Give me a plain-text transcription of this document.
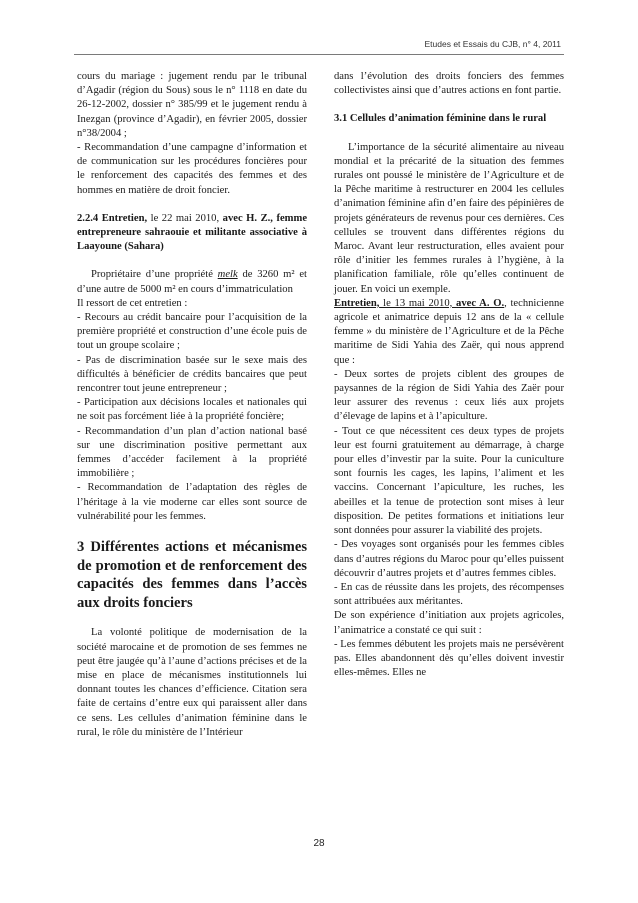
Etudes et Essais du CJB, n° 4, 2011

cours du mariage : jugement rendu par le tribunal d’Agadir (région du Sous) sous le n° 1118 en date du 26-12-2002, dossier n° 385/99 et le jugement rendu à Inezgan (province d’Agadir), en février 2005, dossier n°38/2004 ;

- Recommandation d’une campagne d’information et de communication sur les procédures foncières pour le renforcement des capacités des femmes et des hommes en matière de droit foncier.

2.2.4 Entretien, le 22 mai 2010, avec H. Z., femme entrepreneure sahraouie et militante associative à Laayoune (Sahara)

Propriétaire d’une propriété melk de 3260 m² et d’une autre de 5000 m² en cours d’immatriculation

Il ressort de cet entretien :

- Recours au crédit bancaire pour l’acquisition de la première propriété et construction d’une école puis de tout un groupe scolaire ;

- Pas de discrimination basée sur le sexe mais des difficultés à bénéficier de crédits bancaires que peut rencontrer tout jeune entrepreneur ;

- Participation aux décisions locales et nationales qui ne soit pas forcément liée à la propriété foncière;

- Recommandation d’un plan d’action national basé sur une discrimination positive permettant aux femmes d’accéder facilement à la propriété immobilière ;

- Recommandation de l’adaptation des règles de l’héritage à la vie moderne car elles sont source de vulnérabilité pour les femmes.

3 Différentes actions et mécanismes de promotion et de renforcement des capacités des femmes dans l’accès aux droits fonciers

La volonté politique de modernisation de la société marocaine et de promotion de ses femmes ne peut être jaugée qu’à l’aune d’actions précises et de la mise en place de mécanismes institutionnels lui donnant toutes les chances d’efficience. Citation sera faite de certains d’entre eux qui paraissent aller dans ce sens. Les cellules d’animation féminine dans le rural, le rôle du ministère de l’Intérieur

dans l’évolution des droits fonciers des femmes collectivistes ainsi que d’autres actions en font partie.

3.1 Cellules d’animation féminine dans le rural

L’importance de la sécurité alimentaire au niveau mondial et la précarité de la situation des femmes rurales ont poussé le ministère de l’Agriculture et de la Pêche maritime à restructurer en 2004 les cellules d’animation féminine afin d’en faire des pépinières de projets générateurs de revenus pour ces dernières. Ces cellules se trouvent dans différentes régions du Maroc. Avant leur restructuration, elles avaient pour rôle d’initier les femmes rurales à l’hygiène, à la planification familiale, rôle qu’elles continuent de jouer. En voici un exemple.

Entretien, le 13 mai 2010, avec A. O., technicienne agricole et animatrice depuis 12 ans de la « cellule femme » du ministère de l’Agriculture et de la Pêche maritime de Sidi Yahia des Zaër, qui nous apprend que :

- Deux sortes de projets ciblent des groupes de paysannes de la région de Sidi Yahia des Zaër pour leur assurer des revenus : ceux liés aux projets d’élevage de lapins et à l’apiculture.

- Tout ce que nécessitent ces deux types de projets leur est fourni gratuitement au démarrage, à charge pour elles d’investir par la suite. Pour la cuniculture sont fournis les cages, les lapins, l’aliment et les vaccins. Concernant l’apiculture, les ruches, les abeilles et la tenue de protection sont mises à leur disposition. De petites formations et initiations leur sont données pour assurer la viabilité des projets.

- Des voyages sont organisés pour les femmes cibles dans d’autres régions du Maroc pour qu’elles puissent découvrir d’autres projets et d’autres femmes cibles.

- En cas de réussite dans les projets, des récompenses sont attribuées aux méritantes.

De son expérience d’initiation aux projets agricoles, l’animatrice a constaté ce qui suit :

- Les femmes débutent les projets mais ne persévèrent pas. Elles abandonnent dès qu’elles doivent investir elles-mêmes. Elles ne

28
